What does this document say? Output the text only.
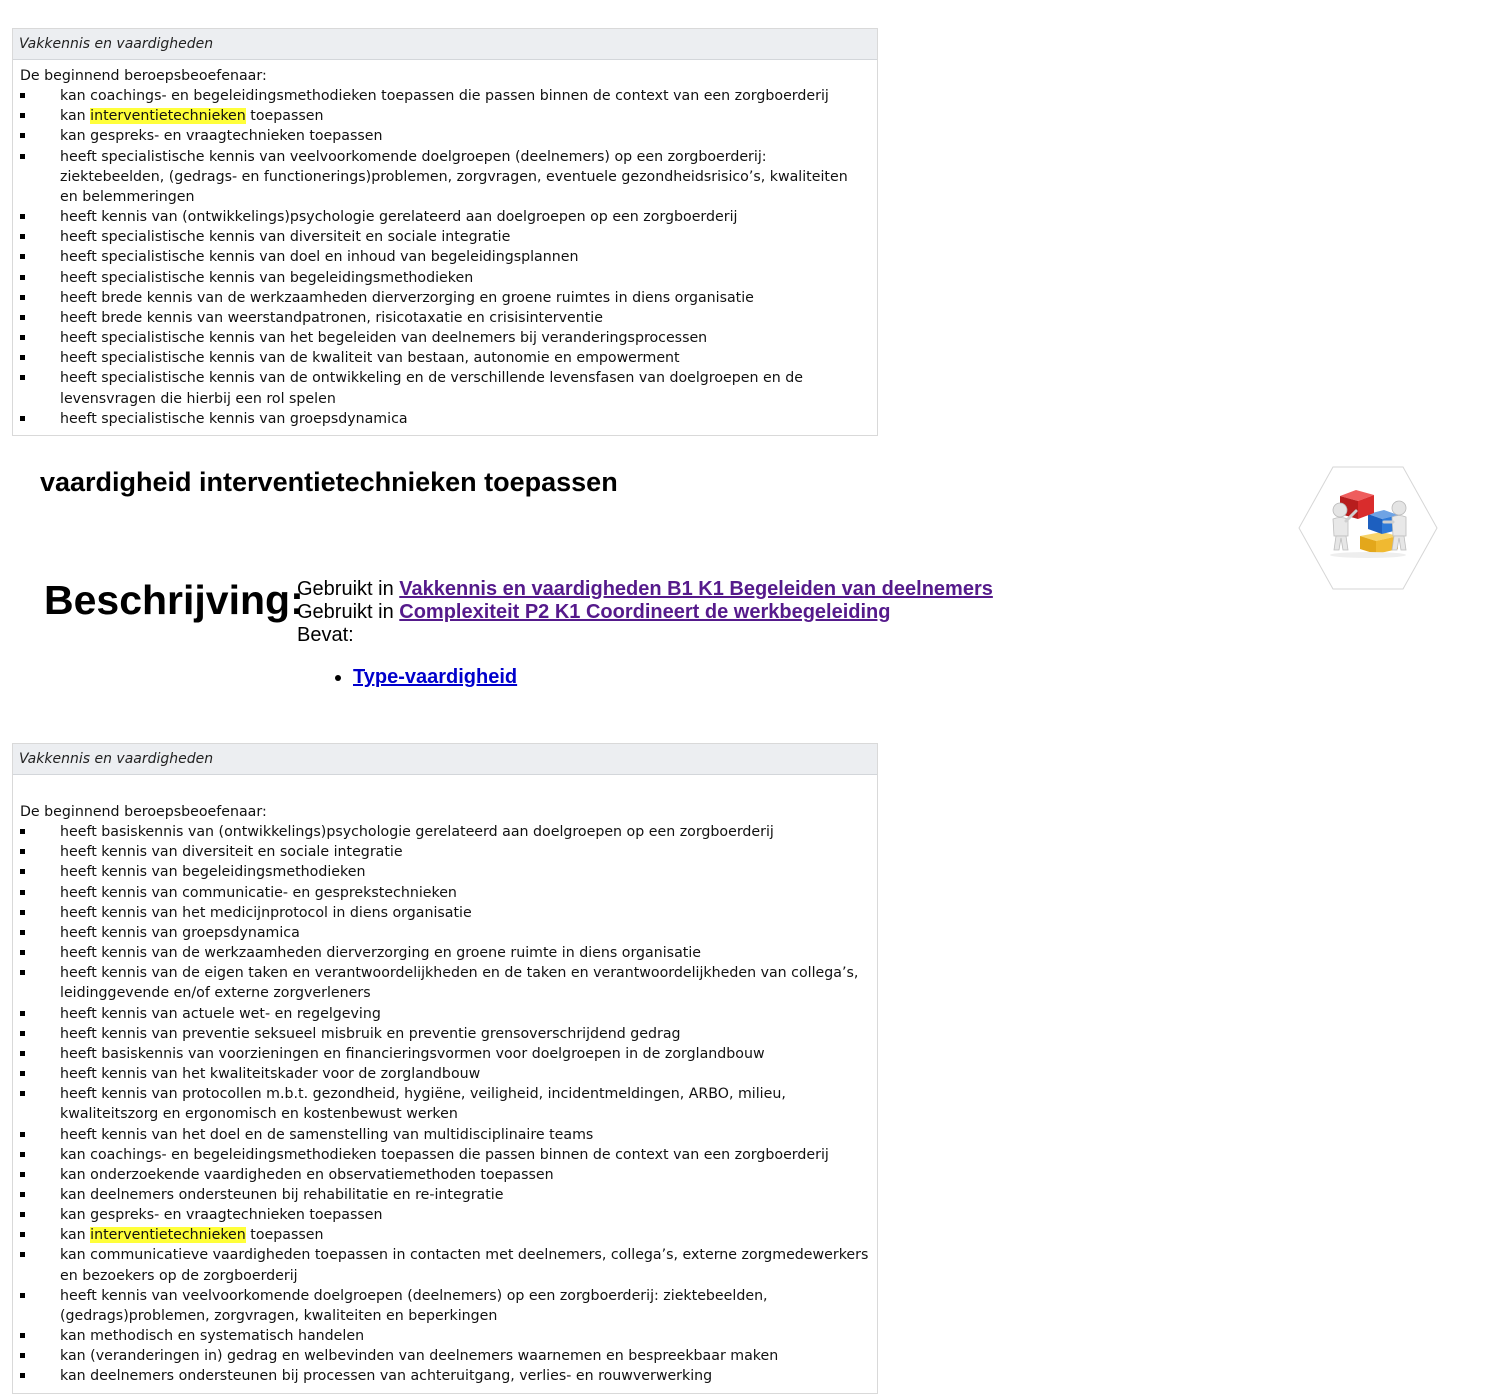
Vakkennis en vaardigheden

De beginnend beroepsbeoefenaar:

kan coachings- en begeleidingsmethodieken toepassen die passen binnen de context van een zorgboerderij
kan interventietechnieken toepassen
kan gespreks- en vraagtechnieken toepassen
heeft specialistische kennis van veelvoorkomende doelgroepen (deelnemers) op een zorgboerderij: ziektebeelden, (gedrags- en functionerings)problemen, zorgvragen, eventuele gezondheidsrisico’s, kwaliteiten en belemmeringen
heeft kennis van (ontwikkelings)psychologie gerelateerd aan doelgroepen op een zorgboerderij
heeft specialistische kennis van diversiteit en sociale integratie
heeft specialistische kennis van doel en inhoud van begeleidingsplannen
heeft specialistische kennis van begeleidingsmethodieken
heeft brede kennis van de werkzaamheden dierverzorging en groene ruimtes in diens organisatie
heeft brede kennis van weerstandpatronen, risicotaxatie en crisisinterventie
heeft specialistische kennis van het begeleiden van deelnemers bij veranderingsprocessen
heeft specialistische kennis van de kwaliteit van bestaan, autonomie en empowerment
heeft specialistische kennis van de ontwikkeling en de verschillende levensfasen van doelgroepen en de levensvragen die hierbij een rol spelen
heeft specialistische kennis van groepsdynamica
vaardigheid interventietechnieken toepassen
Beschrijving:
Gebruikt in Vakkennis en vaardigheden B1 K1 Begeleiden van deelnemers
Gebruikt in Complexiteit P2 K1 Coordineert de werkbegeleiding
Bevat:
• Type-vaardigheid
Vakkennis en vaardigheden

De beginnend beroepsbeoefenaar:

heeft basiskennis van (ontwikkelings)psychologie gerelateerd aan doelgroepen op een zorgboerderij
heeft kennis van diversiteit en sociale integratie
heeft kennis van begeleidingsmethodieken
heeft kennis van communicatie- en gesprekstechnieken
heeft kennis van het medicijnprotocol in diens organisatie
heeft kennis van groepsdynamica
heeft kennis van de werkzaamheden dierverzorging en groene ruimte in diens organisatie
heeft kennis van de eigen taken en verantwoordelijkheden en de taken en verantwoordelijkheden van collega’s, leidinggevende en/of externe zorgverleners
heeft kennis van actuele wet- en regelgeving
heeft kennis van preventie seksueel misbruik en preventie grensoverschrijdend gedrag
heeft basiskennis van voorzieningen en financieringsvormen voor doelgroepen in de zorglandbouw
heeft kennis van het kwaliteitskader voor de zorglandbouw
heeft kennis van protocollen m.b.t. gezondheid, hygiëne, veiligheid, incidentmeldingen, ARBO, milieu, kwaliteitszorg en ergonomisch en kostenbewust werken
heeft kennis van het doel en de samenstelling van multidisciplinaire teams
kan coachings- en begeleidingsmethodieken toepassen die passen binnen de context van een zorgboerderij
kan onderzoekende vaardigheden en observatiemethoden toepassen
kan deelnemers ondersteunen bij rehabilitatie en re-integratie
kan gespreks- en vraagtechnieken toepassen
kan interventietechnieken toepassen
kan communicatieve vaardigheden toepassen in contacten met deelnemers, collega’s, externe zorgmedewerkers en bezoekers op de zorgboerderij
heeft kennis van veelvoorkomende doelgroepen (deelnemers) op een zorgboerderij: ziektebeelden, (gedrags)problemen, zorgvragen, kwaliteiten en beperkingen
kan methodisch en systematisch handelen
kan (veranderingen in) gedrag en welbevinden van deelnemers waarnemen en bespreekbaar maken
kan deelnemers ondersteunen bij processen van achteruitgang, verlies- en rouwverwerking
